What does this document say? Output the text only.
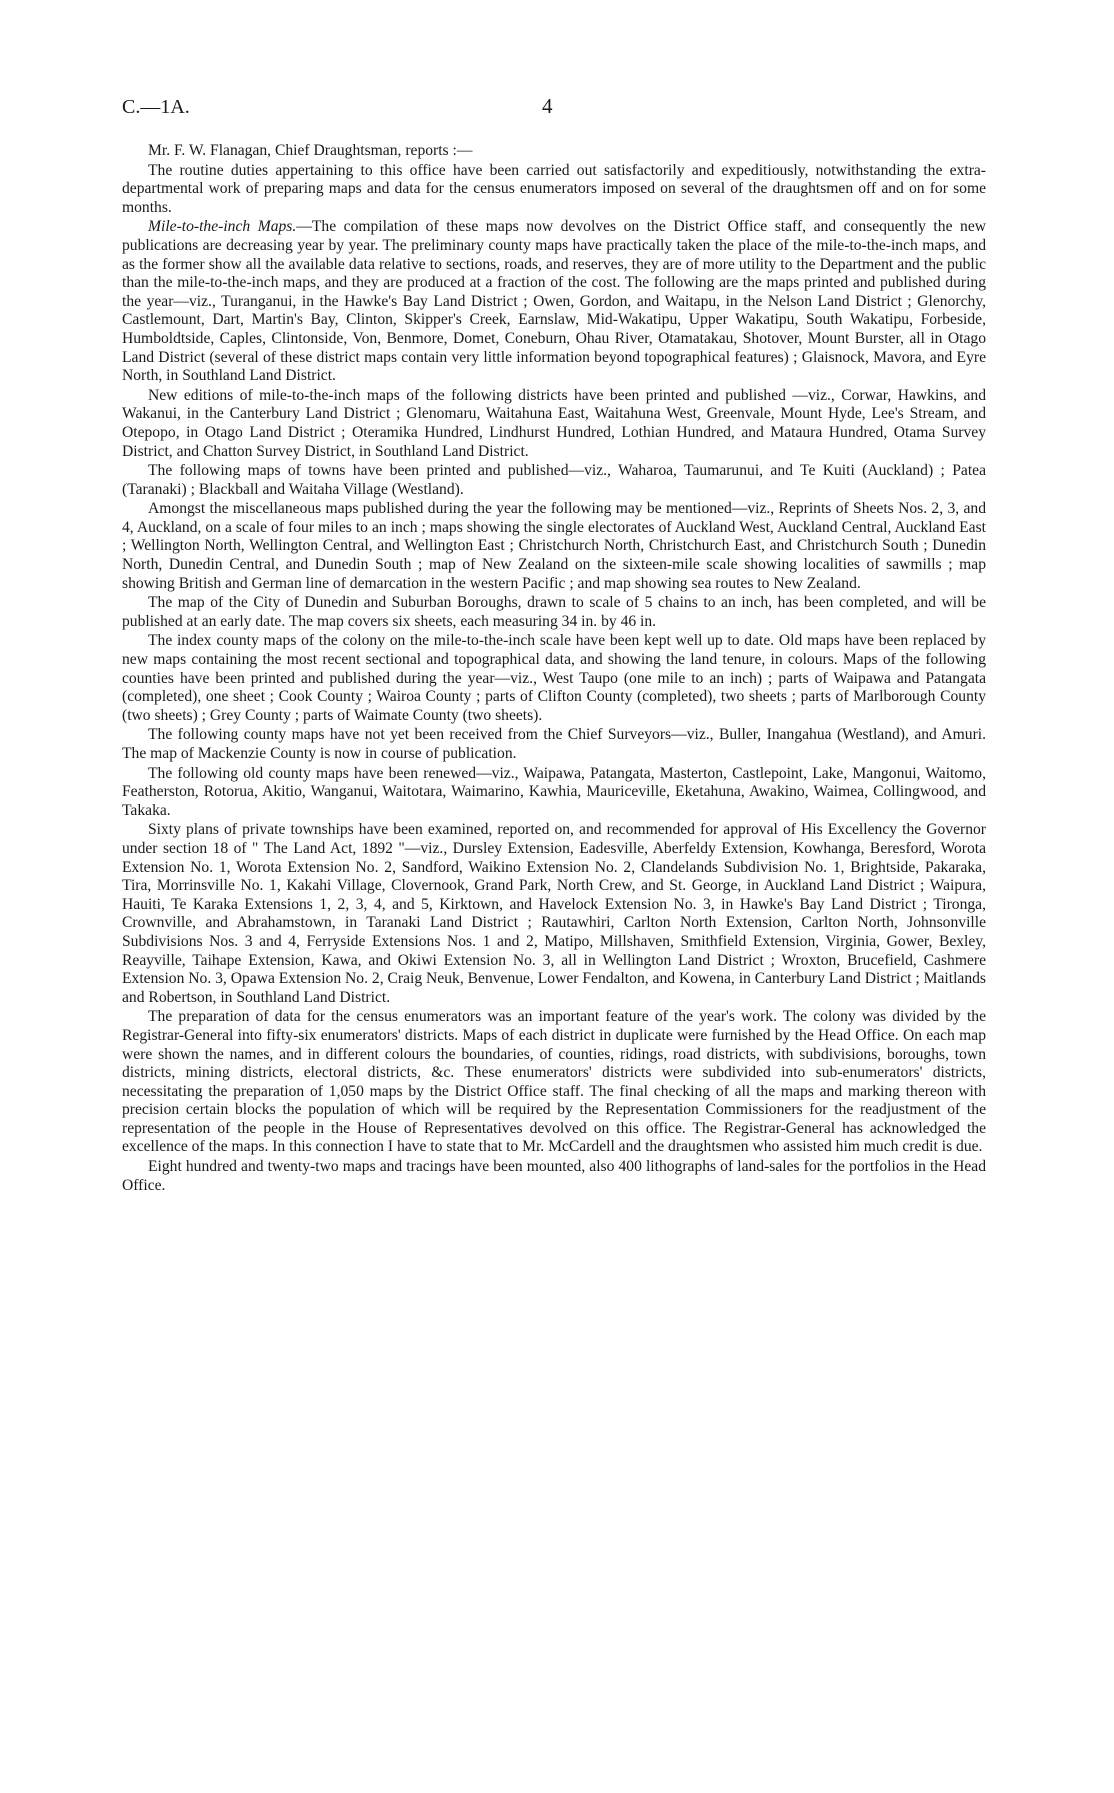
C.—1A.	4

Mr. F. W. Flanagan, Chief Draughtsman, reports :—

The routine duties appertaining to this office have been carried out satisfactorily and expeditiously, notwithstanding the extra-departmental work of preparing maps and data for the census enumerators imposed on several of the draughtsmen off and on for some months.

Mile-to-the-inch Maps.—The compilation of these maps now devolves on the District Office staff, and consequently the new publications are decreasing year by year. The preliminary county maps have practically taken the place of the mile-to-the-inch maps, and as the former show all the available data relative to sections, roads, and reserves, they are of more utility to the Department and the public than the mile-to-the-inch maps, and they are produced at a fraction of the cost. The following are the maps printed and published during the year—viz., Turanganui, in the Hawke's Bay Land District ; Owen, Gordon, and Waitapu, in the Nelson Land District ; Glenorchy, Castlemount, Dart, Martin's Bay, Clinton, Skipper's Creek, Earnslaw, Mid-Wakatipu, Upper Wakatipu, South Wakatipu, Forbeside, Humboldtside, Caples, Clintonside, Von, Benmore, Domet, Coneburn, Ohau River, Otamatakau, Shotover, Mount Burster, all in Otago Land District (several of these district maps contain very little information beyond topographical features) ; Glaisnock, Mavora, and Eyre North, in Southland Land District.

New editions of mile-to-the-inch maps of the following districts have been printed and published —viz., Corwar, Hawkins, and Wakanui, in the Canterbury Land District ; Glenomaru, Waitahuna East, Waitahuna West, Greenvale, Mount Hyde, Lee's Stream, and Otepopo, in Otago Land District ; Oteramika Hundred, Lindhurst Hundred, Lothian Hundred, and Mataura Hundred, Otama Survey District, and Chatton Survey District, in Southland Land District.

The following maps of towns have been printed and published—viz., Waharoa, Taumarunui, and Te Kuiti (Auckland) ; Patea (Taranaki) ; Blackball and Waitaha Village (Westland).

Amongst the miscellaneous maps published during the year the following may be mentioned—viz., Reprints of Sheets Nos. 2, 3, and 4, Auckland, on a scale of four miles to an inch ; maps showing the single electorates of Auckland West, Auckland Central, Auckland East ; Wellington North, Wellington Central, and Wellington East ; Christchurch North, Christchurch East, and Christchurch South ; Dunedin North, Dunedin Central, and Dunedin South ; map of New Zealand on the sixteen-mile scale showing localities of sawmills ; map showing British and German line of demarcation in the western Pacific ; and map showing sea routes to New Zealand.

The map of the City of Dunedin and Suburban Boroughs, drawn to scale of 5 chains to an inch, has been completed, and will be published at an early date. The map covers six sheets, each measuring 34 in. by 46 in.

The index county maps of the colony on the mile-to-the-inch scale have been kept well up to date. Old maps have been replaced by new maps containing the most recent sectional and topographical data, and showing the land tenure, in colours. Maps of the following counties have been printed and published during the year—viz., West Taupo (one mile to an inch) ; parts of Waipawa and Patangata (completed), one sheet ; Cook County ; Wairoa County ; parts of Clifton County (completed), two sheets ; parts of Marlborough County (two sheets) ; Grey County ; parts of Waimate County (two sheets).

The following county maps have not yet been received from the Chief Surveyors—viz., Buller, Inangahua (Westland), and Amuri. The map of Mackenzie County is now in course of publication.

The following old county maps have been renewed—viz., Waipawa, Patangata, Masterton, Castlepoint, Lake, Mangonui, Waitomo, Featherston, Rotorua, Akitio, Wanganui, Waitotara, Waimarino, Kawhia, Mauriceville, Eketahuna, Awakino, Waimea, Collingwood, and Takaka.

Sixty plans of private townships have been examined, reported on, and recommended for approval of His Excellency the Governor under section 18 of " The Land Act, 1892 "—viz., Dursley Extension, Eadesville, Aberfeldy Extension, Kowhanga, Beresford, Worota Extension No. 1, Worota Extension No. 2, Sandford, Waikino Extension No. 2, Clandelands Subdivision No. 1, Brightside, Pakaraka, Tira, Morrinsville No. 1, Kakahi Village, Clovernook, Grand Park, North Crew, and St. George, in Auckland Land District ; Waipura, Hauiti, Te Karaka Extensions 1, 2, 3, 4, and 5, Kirktown, and Havelock Extension No. 3, in Hawke's Bay Land District ; Tironga, Crownville, and Abrahamstown, in Taranaki Land District ; Rautawhiri, Carlton North Extension, Carlton North, Johnsonville Subdivisions Nos. 3 and 4, Ferryside Extensions Nos. 1 and 2, Matipo, Millshaven, Smithfield Extension, Virginia, Gower, Bexley, Reayville, Taihape Extension, Kawa, and Okiwi Extension No. 3, all in Wellington Land District ; Wroxton, Brucefield, Cashmere Extension No. 3, Opawa Extension No. 2, Craig Neuk, Benvenue, Lower Fendalton, and Kowena, in Canterbury Land District ; Maitlands and Robertson, in Southland Land District.

The preparation of data for the census enumerators was an important feature of the year's work. The colony was divided by the Registrar-General into fifty-six enumerators' districts. Maps of each district in duplicate were furnished by the Head Office. On each map were shown the names, and in different colours the boundaries, of counties, ridings, road districts, with subdivisions, boroughs, town districts, mining districts, electoral districts, &c. These enumerators' districts were subdivided into sub-enumerators' districts, necessitating the preparation of 1,050 maps by the District Office staff. The final checking of all the maps and marking thereon with precision certain blocks the population of which will be required by the Representation Commissioners for the readjustment of the representation of the people in the House of Representatives devolved on this office. The Registrar-General has acknowledged the excellence of the maps. In this connection I have to state that to Mr. McCardell and the draughtsmen who assisted him much credit is due.

Eight hundred and twenty-two maps and tracings have been mounted, also 400 lithographs of land-sales for the portfolios in the Head Office.
